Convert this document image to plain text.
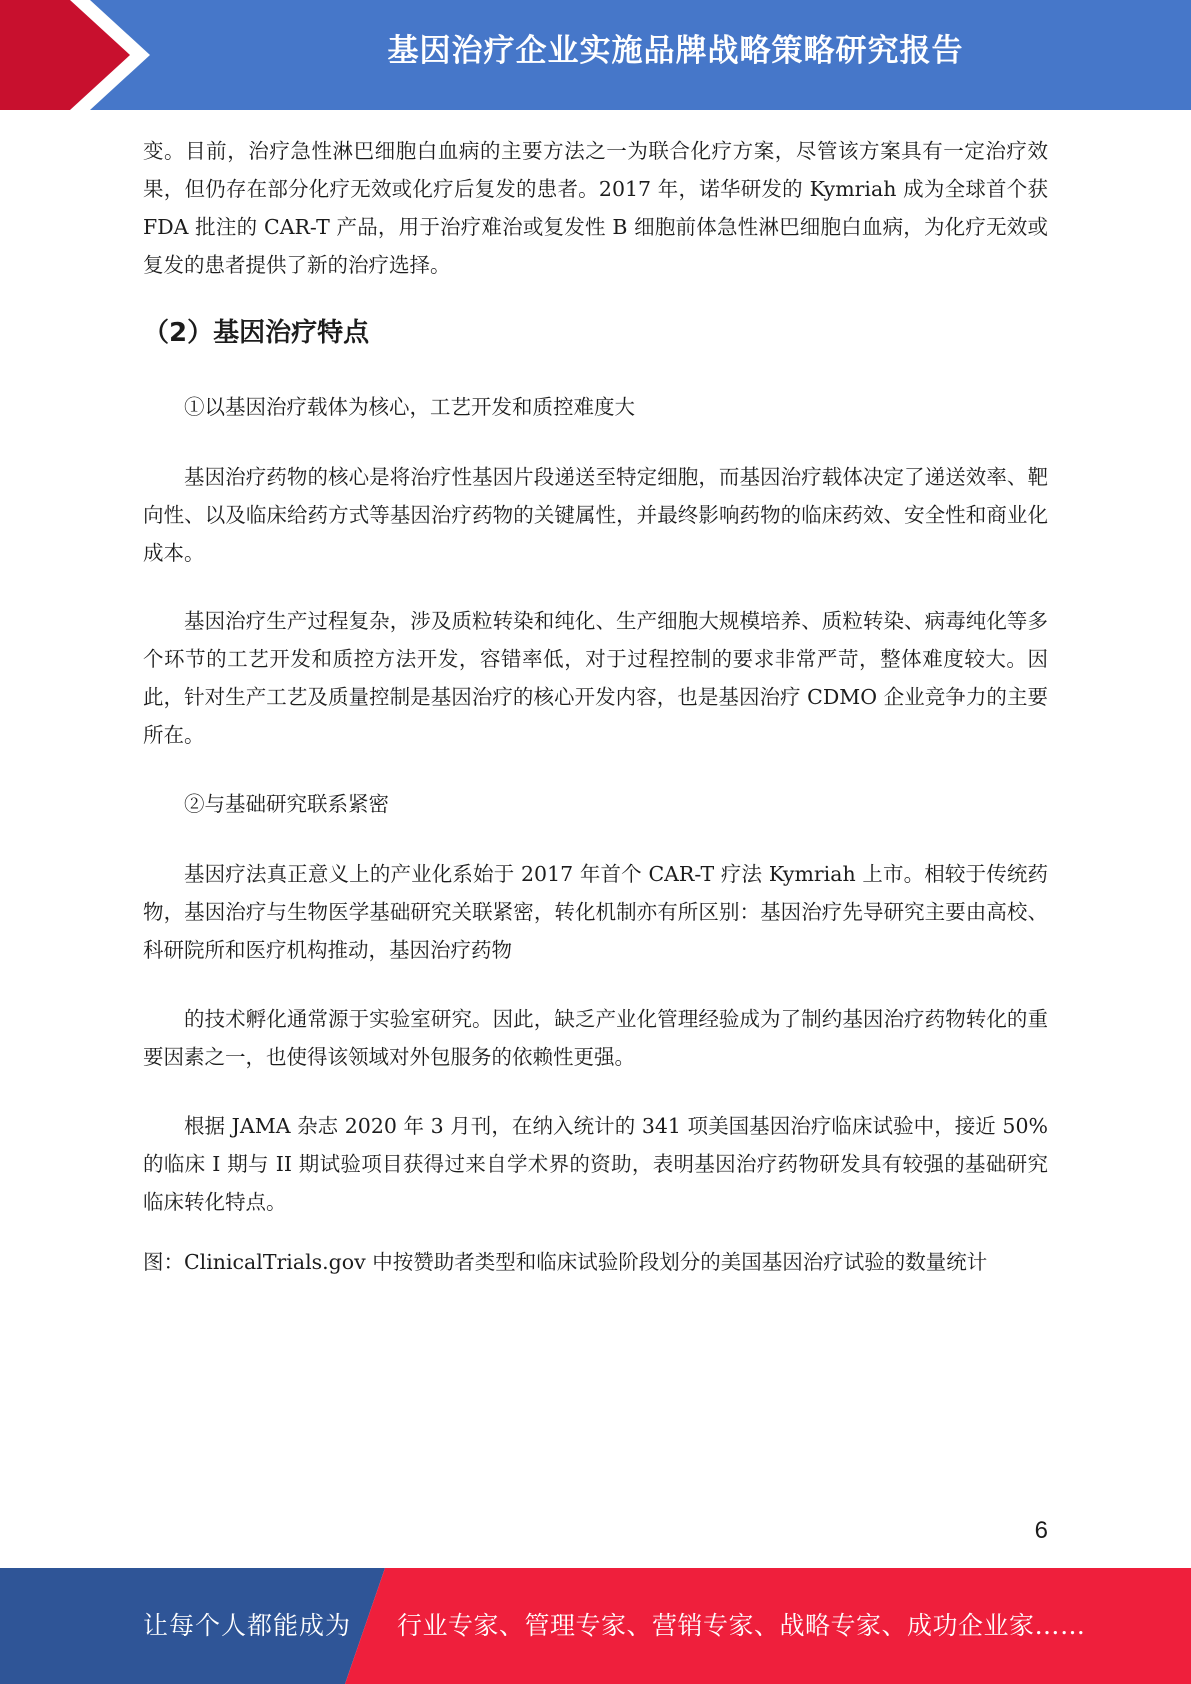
基因治疗企业实施品牌战略策略研究报告

变。目前，治疗急性淋巴细胞白血病的主要方法之一为联合化疗方案，尽管该方案具有一定治疗效果，但仍存在部分化疗无效或化疗后复发的患者。2017 年，诺华研发的 Kymriah 成为全球首个获 FDA 批注的 CAR-T 产品，用于治疗难治或复发性 B 细胞前体急性淋巴细胞白血病，为化疗无效或复发的患者提供了新的治疗选择。

（2）基因治疗特点

①以基因治疗载体为核心，工艺开发和质控难度大

基因治疗药物的核心是将治疗性基因片段递送至特定细胞，而基因治疗载体决定了递送效率、靶向性、以及临床给药方式等基因治疗药物的关键属性，并最终影响药物的临床药效、安全性和商业化成本。

基因治疗生产过程复杂，涉及质粒转染和纯化、生产细胞大规模培养、质粒转染、病毒纯化等多个环节的工艺开发和质控方法开发，容错率低，对于过程控制的要求非常严苛，整体难度较大。因此，针对生产工艺及质量控制是基因治疗的核心开发内容，也是基因治疗 CDMO 企业竞争力的主要所在。

②与基础研究联系紧密

基因疗法真正意义上的产业化系始于 2017 年首个 CAR-T 疗法 Kymriah 上市。相较于传统药物，基因治疗与生物医学基础研究关联紧密，转化机制亦有所区别：基因治疗先导研究主要由高校、科研院所和医疗机构推动，基因治疗药物

的技术孵化通常源于实验室研究。因此，缺乏产业化管理经验成为了制约基因治疗药物转化的重要因素之一，也使得该领域对外包服务的依赖性更强。

根据 JAMA 杂志 2020 年 3 月刊，在纳入统计的 341 项美国基因治疗临床试验中，接近 50%的临床 I 期与 II 期试验项目获得过来自学术界的资助，表明基因治疗药物研发具有较强的基础研究临床转化特点。

图：ClinicalTrials.gov 中按赞助者类型和临床试验阶段划分的美国基因治疗试验的数量统计

6
让每个人都能成为 行业专家、管理专家、营销专家、战略专家、成功企业家……
